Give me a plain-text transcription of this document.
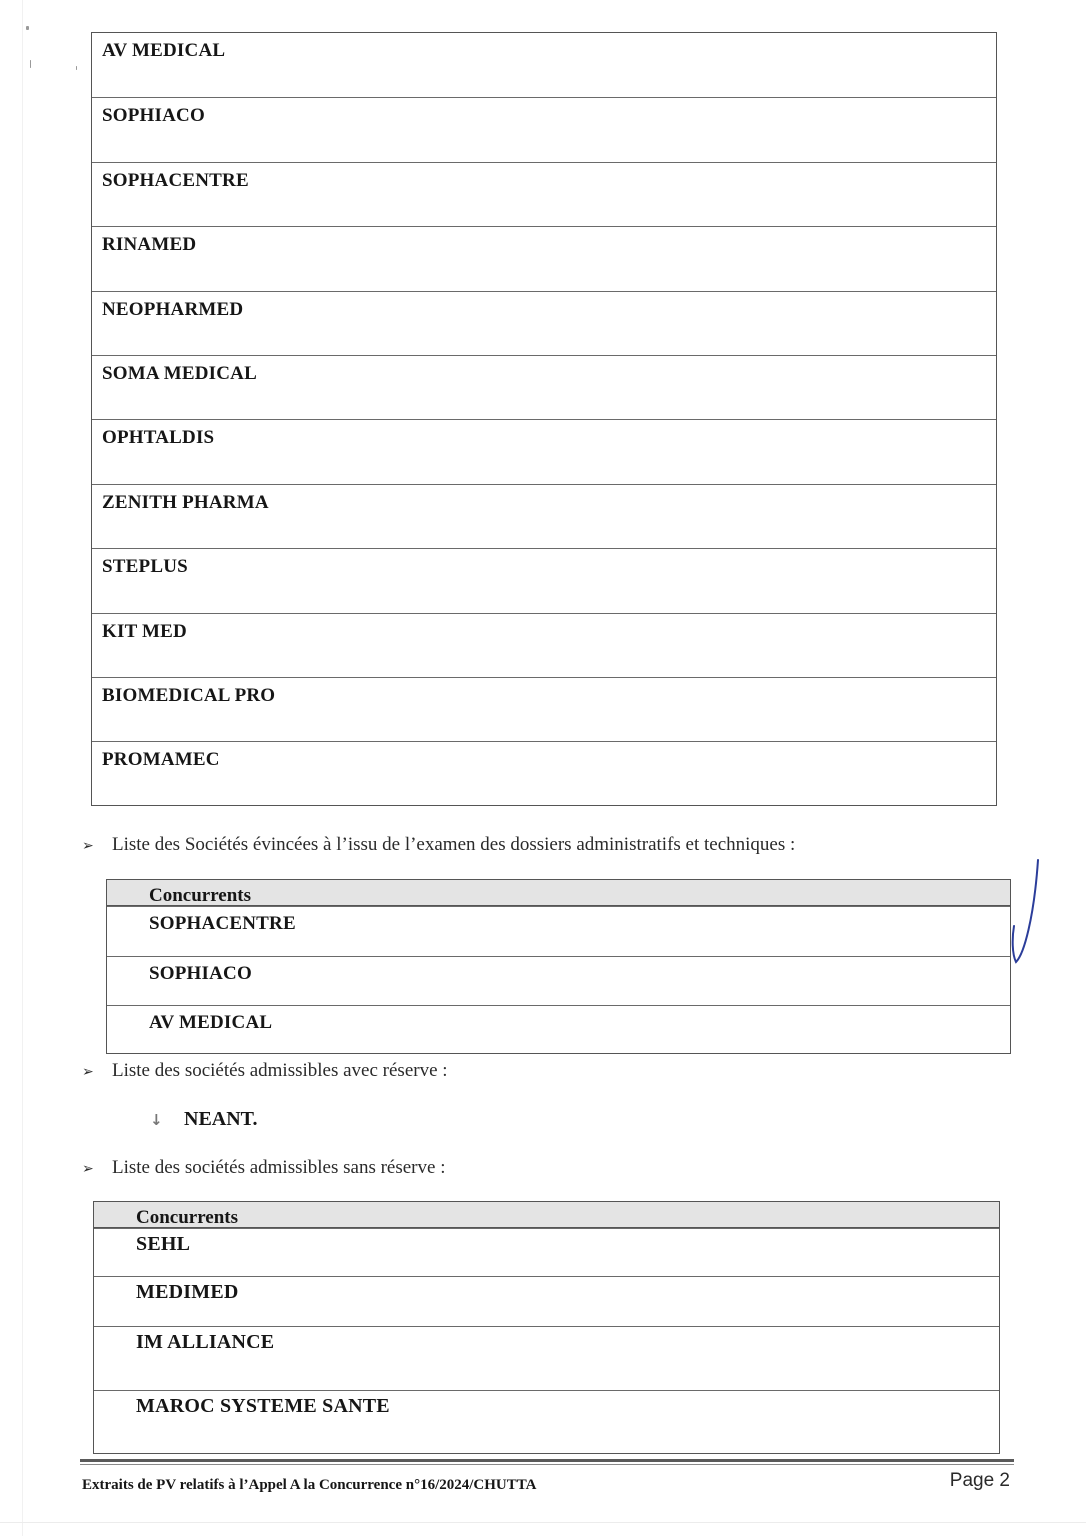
AV MEDICAL
SOPHIACO
SOPHACENTRE
RINAMED
NEOPHARMED
SOMA MEDICAL
OPHTALDIS
ZENITH PHARMA
STEPLUS
KIT MED
BIOMEDICAL PRO
PROMAMEC
➢ Liste des Sociétés évincées à l’issu de l’examen des dossiers administratifs et techniques :
Concurrents
SOPHACENTRE
SOPHIACO
AV MEDICAL
➢ Liste des sociétés admissibles avec réserve :
↓ NEANT.
➢ Liste des sociétés admissibles sans réserve :
Concurrents
SEHL
MEDIMED
IM ALLIANCE
MAROC SYSTEME SANTE
Extraits de PV relatifs à l’Appel A la Concurrence n°16/2024/CHUTTA	Page 2
